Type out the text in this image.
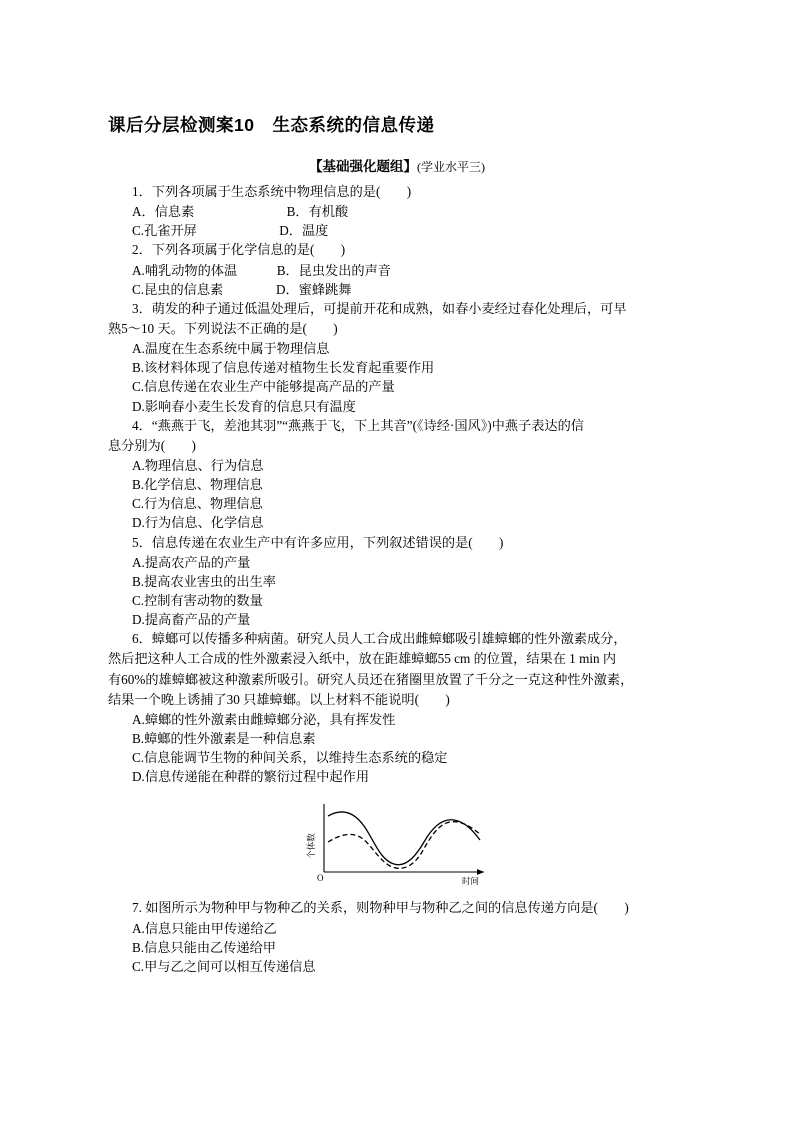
课后分层检测案10　生态系统的信息传递
【基础强化题组】(学业水平三)
1．下列各项属于生态系统中物理信息的是(　　)
A．信息素　　　　　　　B．有机酸
C.孔雀开屏　　　　　　 D．温度
2．下列各项属于化学信息的是(　　)
A.哺乳动物的体温　　　B．昆虫发出的声音
C.昆虫的信息素　　　　D．蜜蜂跳舞
3．萌发的种子通过低温处理后，可提前开花和成熟，如春小麦经过春化处理后，可早
熟5～10 天。下列说法不正确的是(　　)
A.温度在生态系统中属于物理信息
B.该材料体现了信息传递对植物生长发育起重要作用
C.信息传递在农业生产中能够提高产品的产量
D.影响春小麦生长发育的信息只有温度
4．“燕燕于飞，差池其羽”“燕燕于飞，下上其音”(《诗经·国风》)中燕子表达的信
息分别为(　　)
A.物理信息、行为信息
B.化学信息、物理信息
C.行为信息、物理信息
D.行为信息、化学信息
5．信息传递在农业生产中有许多应用，下列叙述错误的是(　　)
A.提高农产品的产量
B.提高农业害虫的出生率
C.控制有害动物的数量
D.提高畜产品的产量
6．蟑螂可以传播多种病菌。研究人员人工合成出雌蟑螂吸引雄蟑螂的性外激素成分，
然后把这种人工合成的性外激素浸入纸中，放在距雄蟑螂55 cm 的位置，结果在 1 min 内
有60%的雄蟑螂被这种激素所吸引。研究人员还在猪圈里放置了千分之一克这种性外激素，
结果一个晚上诱捕了30 只雄蟑螂。以上材料不能说明(　　)
A.蟑螂的性外激素由雌蟑螂分泌，具有挥发性
B.蟑螂的性外激素是一种信息素
C.信息能调节生物的种间关系，以维持生态系统的稳定
D.信息传递能在种群的繁衍过程中起作用
个体数
O	时间
7. 如图所示为物种甲与物种乙的关系，则物种甲与物种乙之间的信息传递方向是(　　)
A.信息只能由甲传递给乙
B.信息只能由乙传递给甲
C.甲与乙之间可以相互传递信息
